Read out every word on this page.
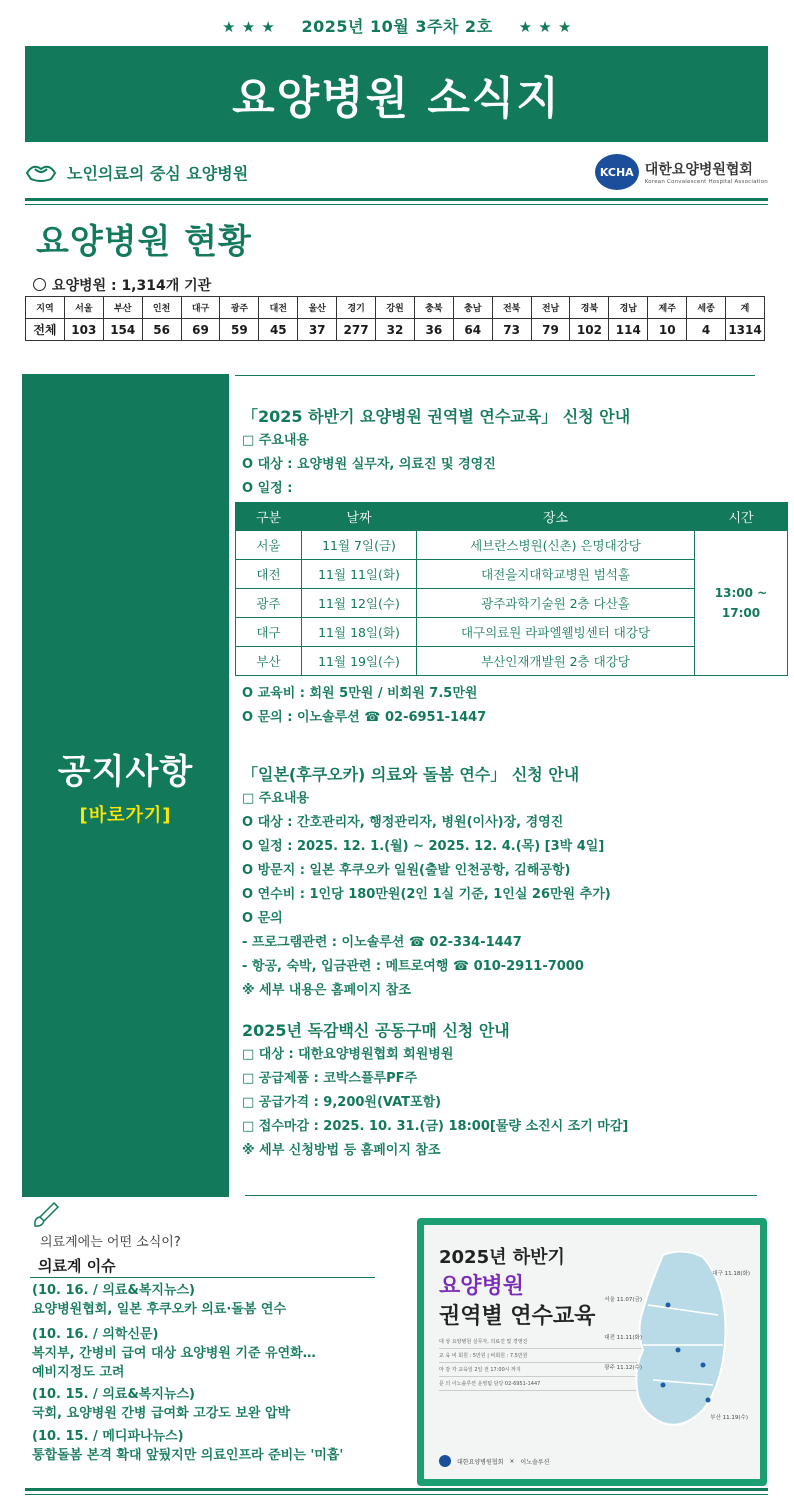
★ ★ ★ 2025년 10월 3주차 2호 ★ ★ ★
요양병원 소식지
노인의료의 중심 요양병원	KCHA 대한요양병원협회
Korean Convalescent Hospital Association
요양병원 현황
요양병원 : 1,314개 기관
지역	서울	부산	인천	대구	광주	대전	울산	경기	강원	충북	충남	전북	전남	경북	경남	제주	세종	계
전체	103	154	56	69	59	45	37	277	32	36	64	73	79	102	114	10	4	1314
공지사항
[바로가기]
「2025 하반기 요양병원 권역별 연수교육」 신청 안내
□ 주요내용
O 대상 : 요양병원 실무자, 의료진 및 경영진
O 일정 :
구분	날짜	장소	시간
서울	11월 7일(금)	세브란스병원(신촌) 은명대강당	13:00 ~
17:00
대전	11월 11일(화)	대전을지대학교병원 범석홀	
광주	11월 12일(수)	광주과학기술원 2층 다산홀	
대구	11월 18일(화)	대구의료원 라파엘웰빙센터 대강당	
부산	11월 19일(수)	부산인재개발원 2층 대강당	
O 교육비 : 회원 5만원 / 비회원 7.5만원
O 문의 : 이노솔루션 ☎ 02-6951-1447
「일본(후쿠오카) 의료와 돌봄 연수」 신청 안내
□ 주요내용
O 대상 : 간호관리자, 행정관리자, 병원(이사)장, 경영진
O 일정 : 2025. 12. 1.(월) ~ 2025. 12. 4.(목) [3박 4일]
O 방문지 : 일본 후쿠오카 일원(출발 인천공항, 김해공항)
O 연수비 : 1인당 180만원(2인 1실 기준, 1인실 26만원 추가)
O 문의
- 프로그램관련 : 이노솔루션 ☎ 02-334-1447
- 항공, 숙박, 입금관련 : 메트로여행 ☎ 010-2911-7000
※ 세부 내용은 홈페이지 참조
2025년 독감백신 공동구매 신청 안내
□ 대상 : 대한요양병원협회 회원병원
□ 공급제품 : 코박스플루PF주
□ 공급가격 : 9,200원(VAT포함)
□ 접수마감 : 2025. 10. 31.(금) 18:00[물량 소진시 조기 마감]
※ 세부 신청방법 등 홈페이지 참조
의료계에는 어떤 소식이?
의료계 이슈
(10. 16. / 의료&복지뉴스)
요양병원협회, 일본 후쿠오카 의료·돌봄 연수
(10. 16. / 의학신문)
복지부, 간병비 급여 대상 요양병원 기준 유연화…
예비지정도 고려
(10. 15. / 의료&복지뉴스)
국회, 요양병원 간병 급여화 고강도 보완 압박
(10. 15. / 메디파나뉴스)
통합돌봄 본격 확대 앞뒀지만 의료인프라 준비는 '미흡'
2025년 하반기
요양병원
권역별 연수교육
대 상 요양병원 실무자, 의료진 및 경영진
교 육 비 회원 : 5만원 | 비회원 : 7.5만원
마 감 각 교육일 2일 전 17:00시 까지
문 의 이노솔루션 운영팀 담당 02-6951-1447
대구 11.18(화)
서울 11.07(금)
대전 11.11(화)
광주 11.12(수)
부산 11.19(수)
대한요양병원협회 × 이노솔루션
